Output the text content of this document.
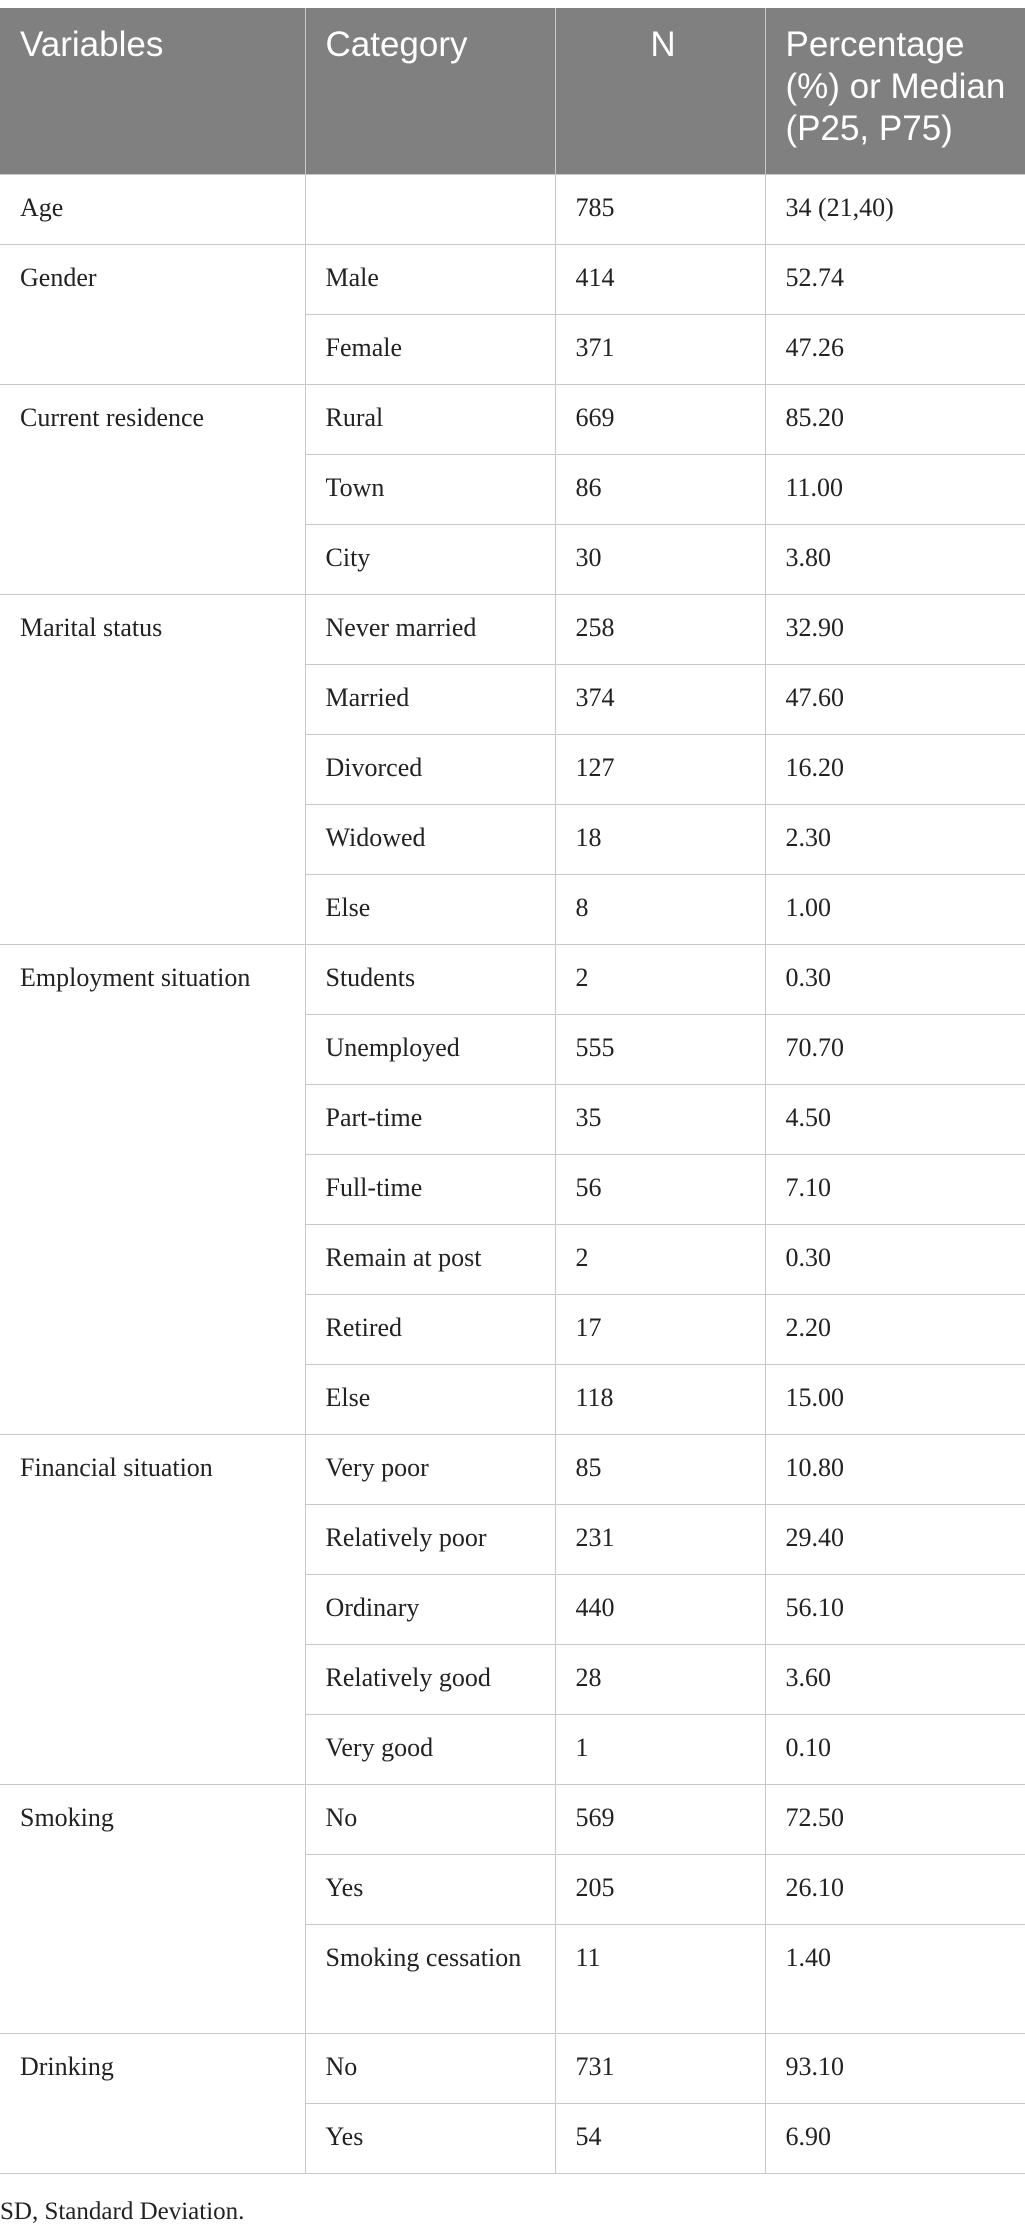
Variables	Category	N	Percentage (%) or Median (P25, P75)
Age		785	34 (21,40)
Gender	Male	414	52.74
	Female	371	47.26
Current residence	Rural	669	85.20
	Town	86	11.00
	City	30	3.80
Marital status	Never married	258	32.90
	Married	374	47.60
	Divorced	127	16.20
	Widowed	18	2.30
	Else	8	1.00
Employment situation	Students	2	0.30
	Unemployed	555	70.70
	Part-time	35	4.50
	Full-time	56	7.10
	Remain at post	2	0.30
	Retired	17	2.20
	Else	118	15.00
Financial situation	Very poor	85	10.80
	Relatively poor	231	29.40
	Ordinary	440	56.10
	Relatively good	28	3.60
	Very good	1	0.10
Smoking	No	569	72.50
	Yes	205	26.10
	Smoking cessation	11	1.40
Drinking	No	731	93.10
	Yes	54	6.90
SD, Standard Deviation.
